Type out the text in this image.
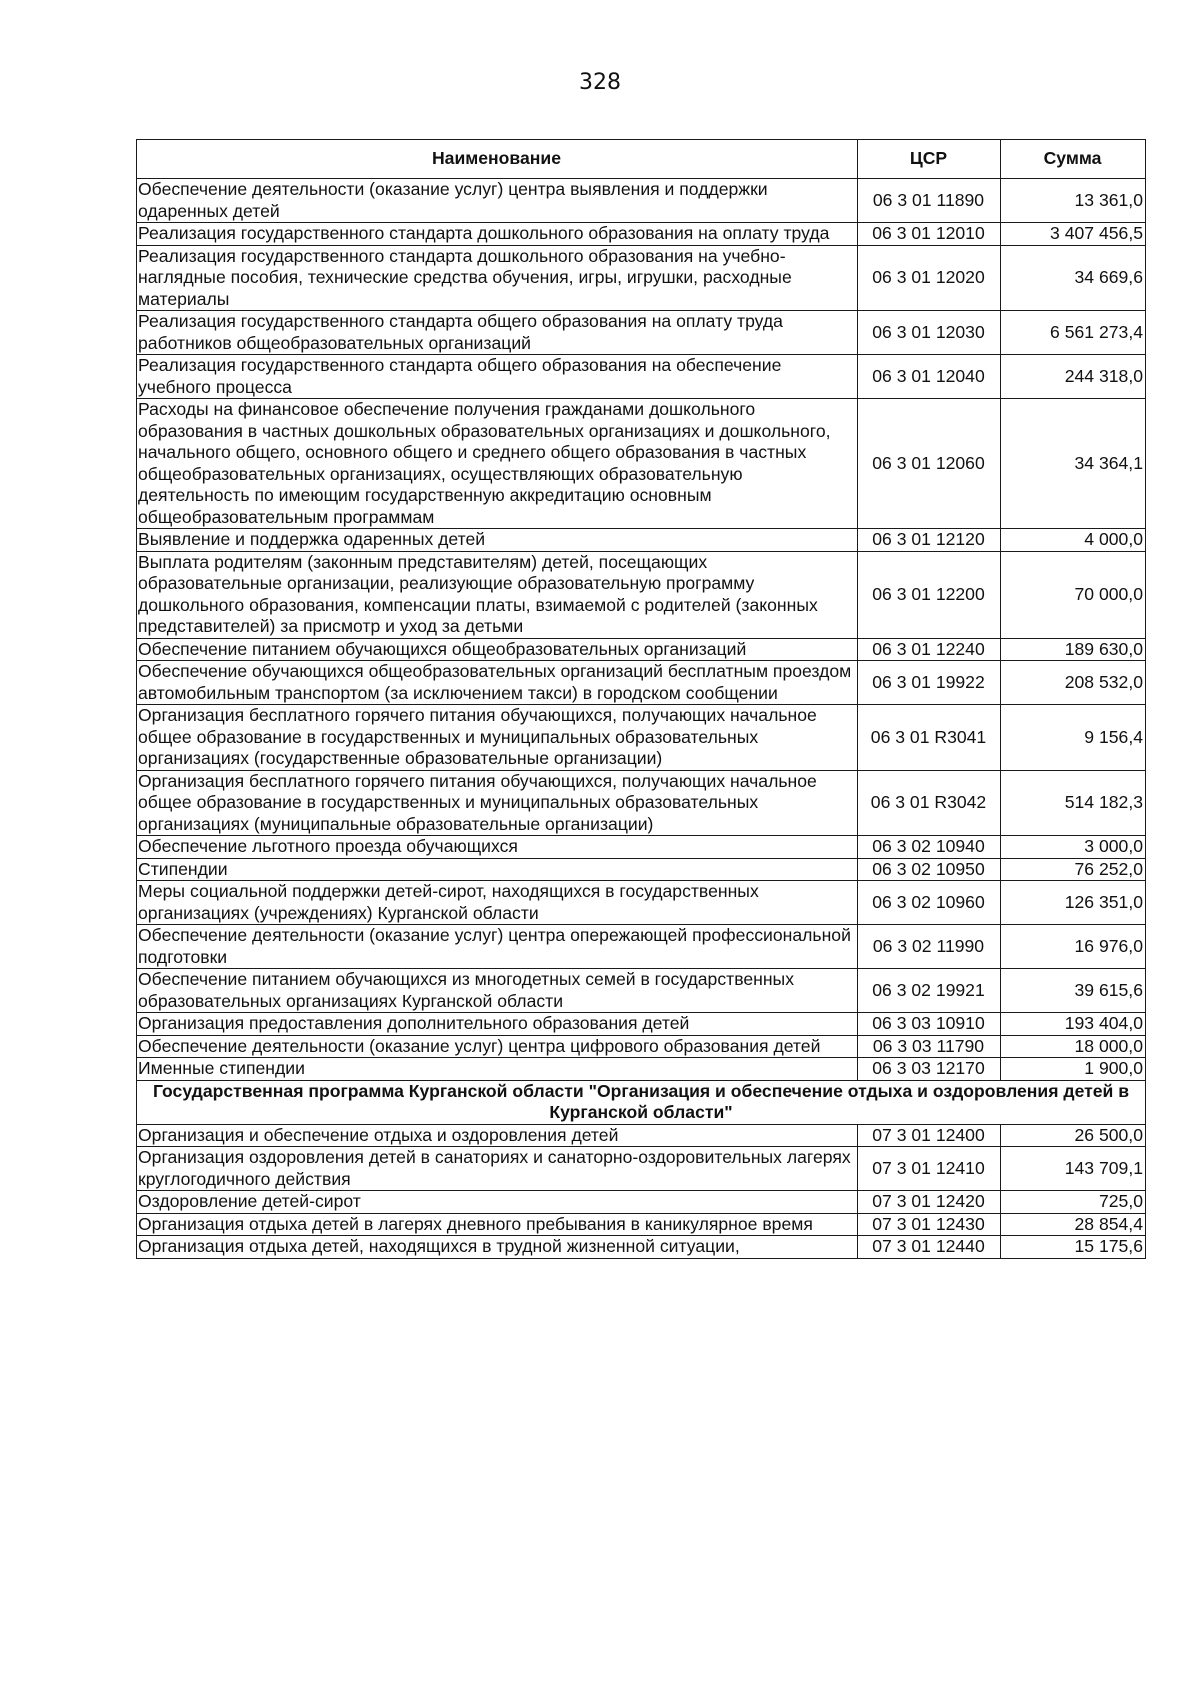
328
Наименование	ЦСР	Сумма
Обеспечение деятельности (оказание услуг) центра выявления и поддержки одаренных детей	06 3 01 11890	13 361,0
Реализация государственного стандарта дошкольного образования на оплату труда	06 3 01 12010	3 407 456,5
Реализация государственного стандарта дошкольного образования на учебно-наглядные пособия, технические средства обучения, игры, игрушки, расходные материалы	06 3 01 12020	34 669,6
Реализация государственного стандарта общего образования на оплату труда работников общеобразовательных организаций	06 3 01 12030	6 561 273,4
Реализация государственного стандарта общего образования на обеспечение учебного процесса	06 3 01 12040	244 318,0
Расходы на финансовое обеспечение получения гражданами дошкольного образования в частных дошкольных образовательных организациях и дошкольного, начального общего, основного общего и среднего общего образования в частных общеобразовательных организациях, осуществляющих образовательную деятельность по имеющим государственную аккредитацию основным общеобразовательным программам	06 3 01 12060	34 364,1
Выявление и поддержка одаренных детей	06 3 01 12120	4 000,0
Выплата родителям (законным представителям) детей, посещающих образовательные организации, реализующие образовательную программу дошкольного образования, компенсации платы, взимаемой с родителей (законных представителей) за присмотр и уход за детьми	06 3 01 12200	70 000,0
Обеспечение питанием обучающихся общеобразовательных организаций	06 3 01 12240	189 630,0
Обеспечение обучающихся общеобразовательных организаций бесплатным проездом автомобильным транспортом (за исключением такси) в городском сообщении	06 3 01 19922	208 532,0
Организация бесплатного горячего питания обучающихся, получающих начальное общее образование в государственных и муниципальных образовательных организациях (государственные образовательные организации)	06 3 01 R3041	9 156,4
Организация бесплатного горячего питания обучающихся, получающих начальное общее образование в государственных и муниципальных образовательных организациях (муниципальные образовательные организации)	06 3 01 R3042	514 182,3
Обеспечение льготного проезда обучающихся	06 3 02 10940	3 000,0
Стипендии	06 3 02 10950	76 252,0
Меры социальной поддержки детей-сирот, находящихся в государственных организациях (учреждениях) Курганской области	06 3 02 10960	126 351,0
Обеспечение деятельности (оказание услуг) центра опережающей профессиональной подготовки	06 3 02 11990	16 976,0
Обеспечение питанием обучающихся из многодетных семей в государственных образовательных организациях Курганской области	06 3 02 19921	39 615,6
Организация предоставления дополнительного образования детей	06 3 03 10910	193 404,0
Обеспечение деятельности (оказание услуг) центра цифрового образования детей	06 3 03 11790	18 000,0
Именные стипендии	06 3 03 12170	1 900,0
Государственная программа Курганской области "Организация и обеспечение отдыха и оздоровления детей в Курганской области"		
Организация и обеспечение отдыха и оздоровления детей	07 3 01 12400	26 500,0
Организация оздоровления детей в санаториях и санаторно-оздоровительных лагерях круглогодичного действия	07 3 01 12410	143 709,1
Оздоровление детей-сирот	07 3 01 12420	725,0
Организация отдыха детей в лагерях дневного пребывания в каникулярное время	07 3 01 12430	28 854,4
Организация отдыха детей, находящихся в трудной жизненной ситуации,	07 3 01 12440	15 175,6
